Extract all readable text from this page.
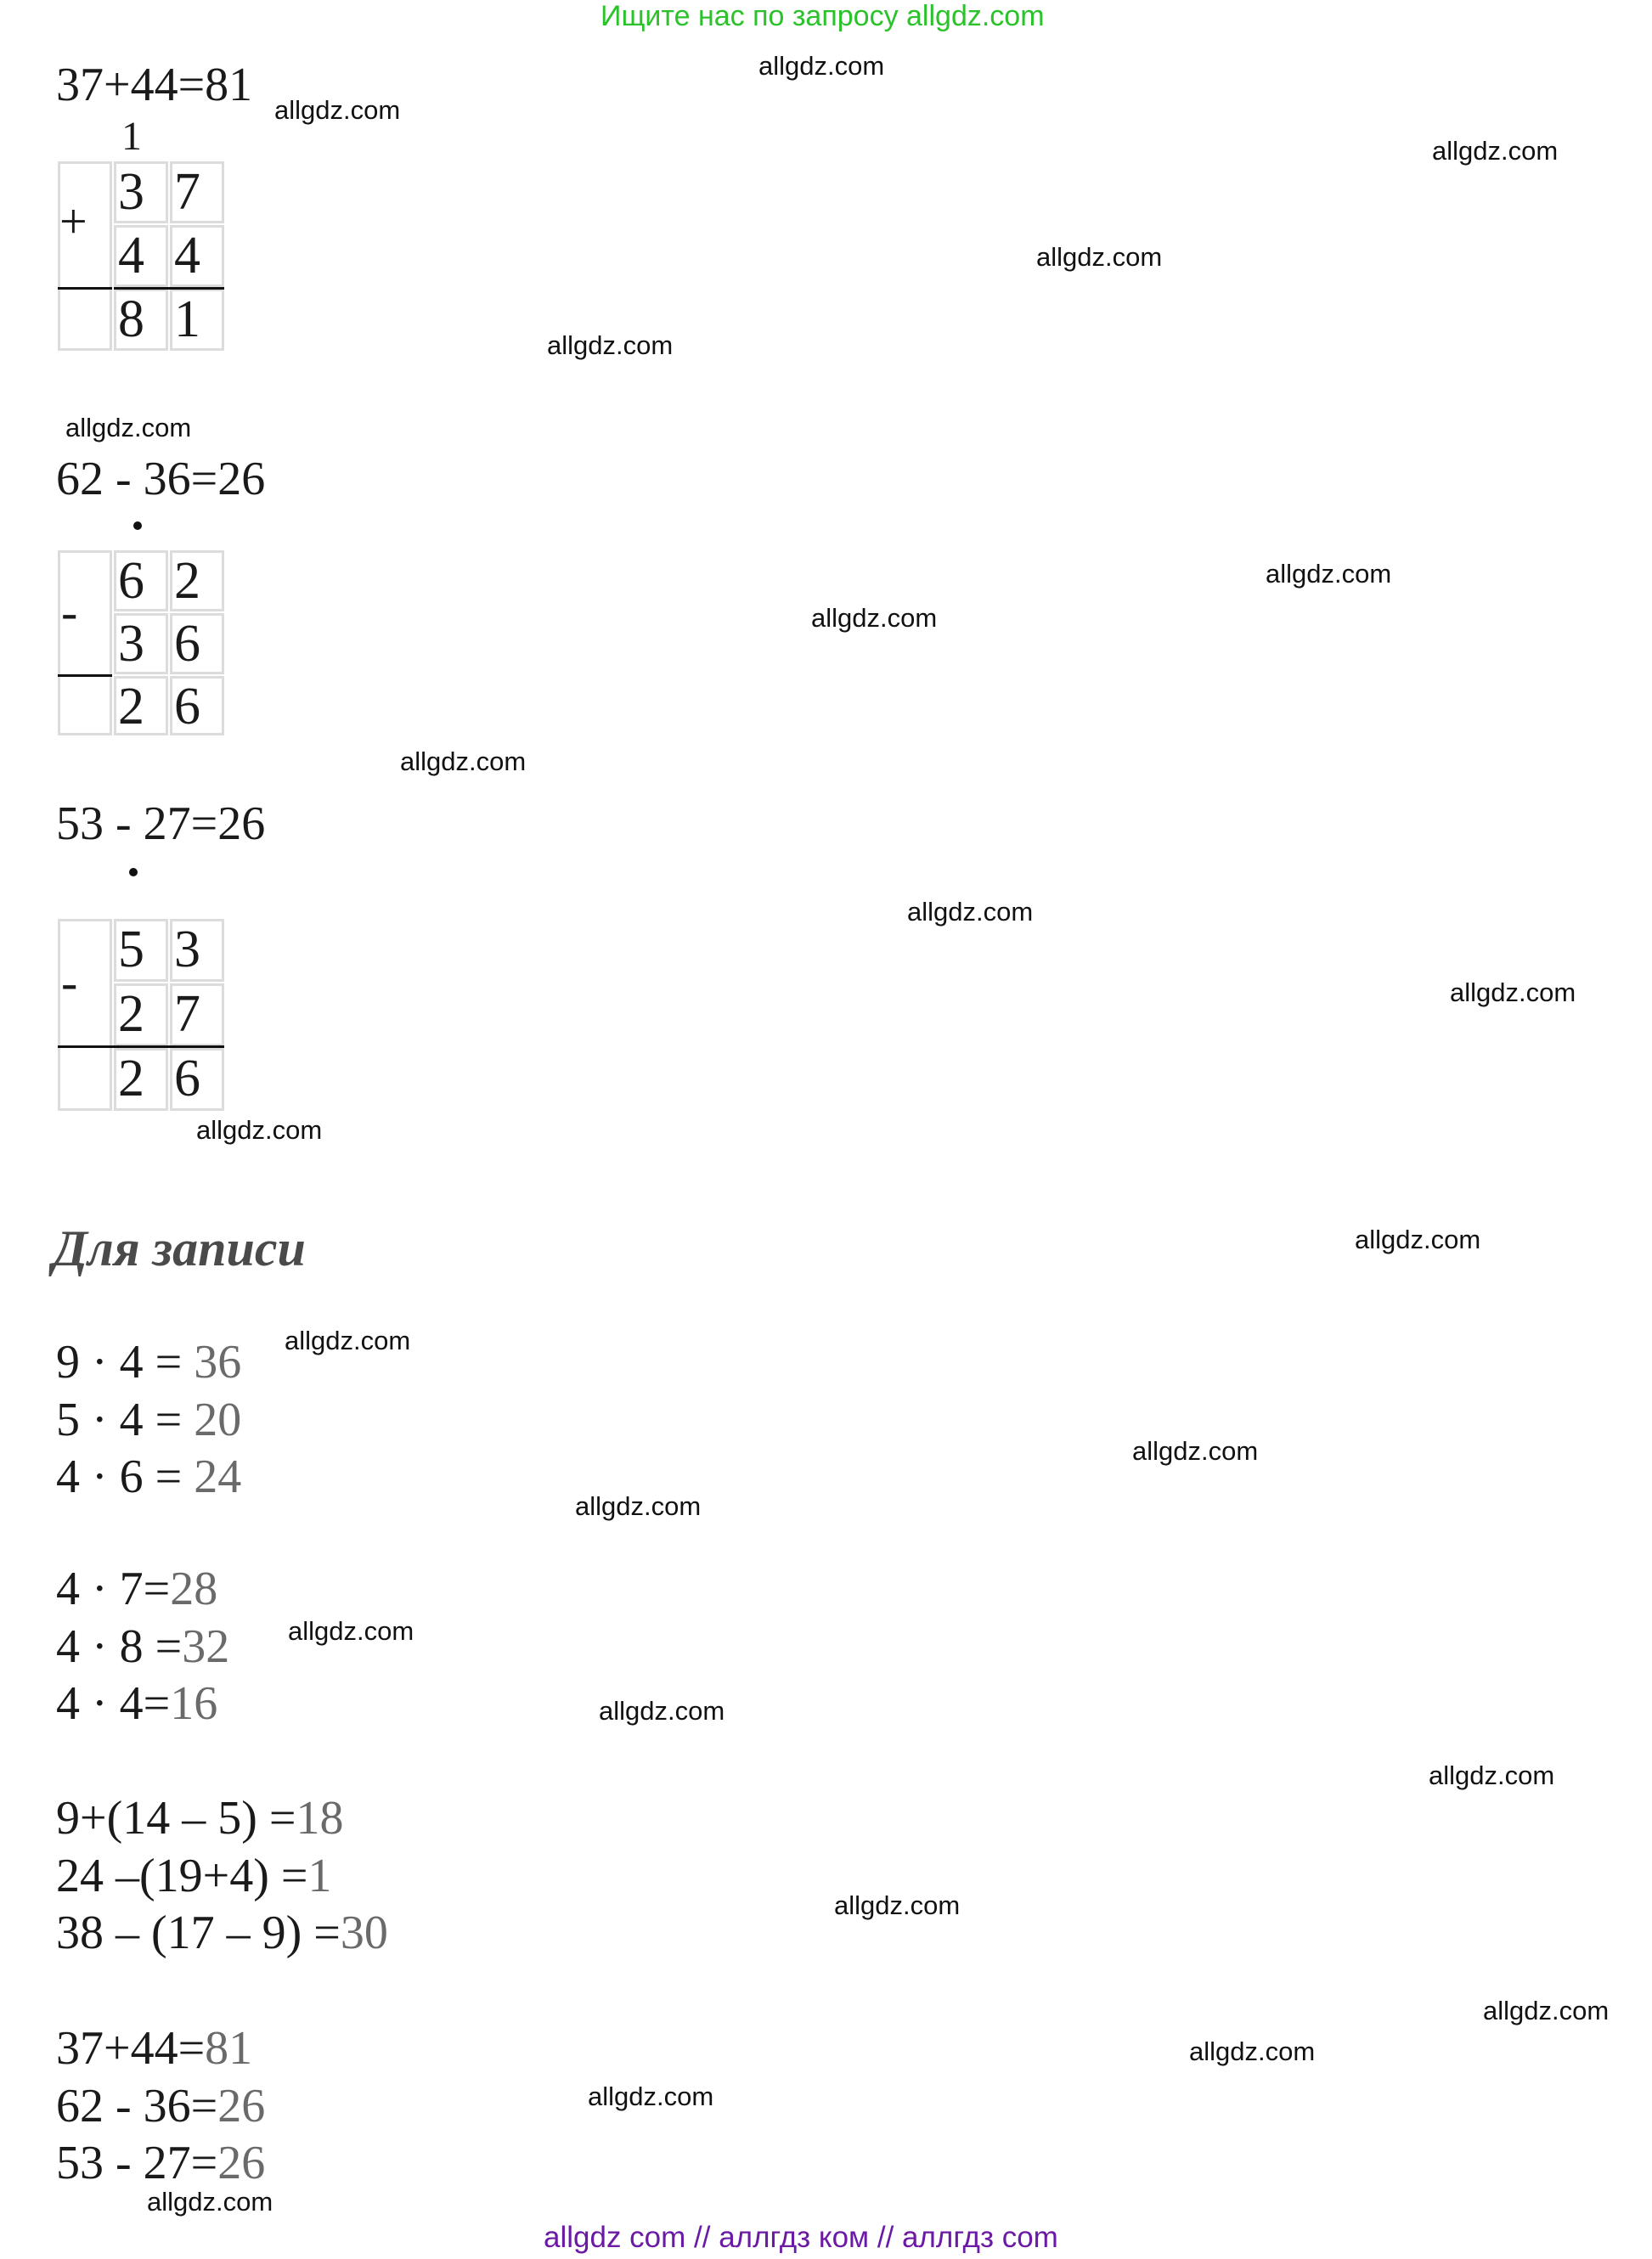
Ищите нас по запросу allgdz.com
37+44=81
1
3 7
4 4
8 1
+
62 - 36=26
6 2
3 6
2 6
-
53 - 27=26
5 3
2 7
2 6
-
Для записи
9 · 4 = 36
5 · 4 = 20
4 · 6 = 24
4 · 7=28
4 · 8 =32
4 · 4=16
9+(14 – 5) =18
24 –(19+4) =1
38 – (17 – 9) =30
37+44=81
62 - 36=26
53 - 27=26
allgdz.com
allgdz.com
allgdz.com
allgdz.com
allgdz.com
allgdz.com
allgdz.com
allgdz.com
allgdz.com
allgdz.com
allgdz.com
allgdz.com
allgdz.com
allgdz.com
allgdz.com
allgdz.com
allgdz.com
allgdz.com
allgdz.com
allgdz.com
allgdz.com
allgdz.com
allgdz.com
allgdz.com
allgdz com // аллгдз ком // аллгдз com
